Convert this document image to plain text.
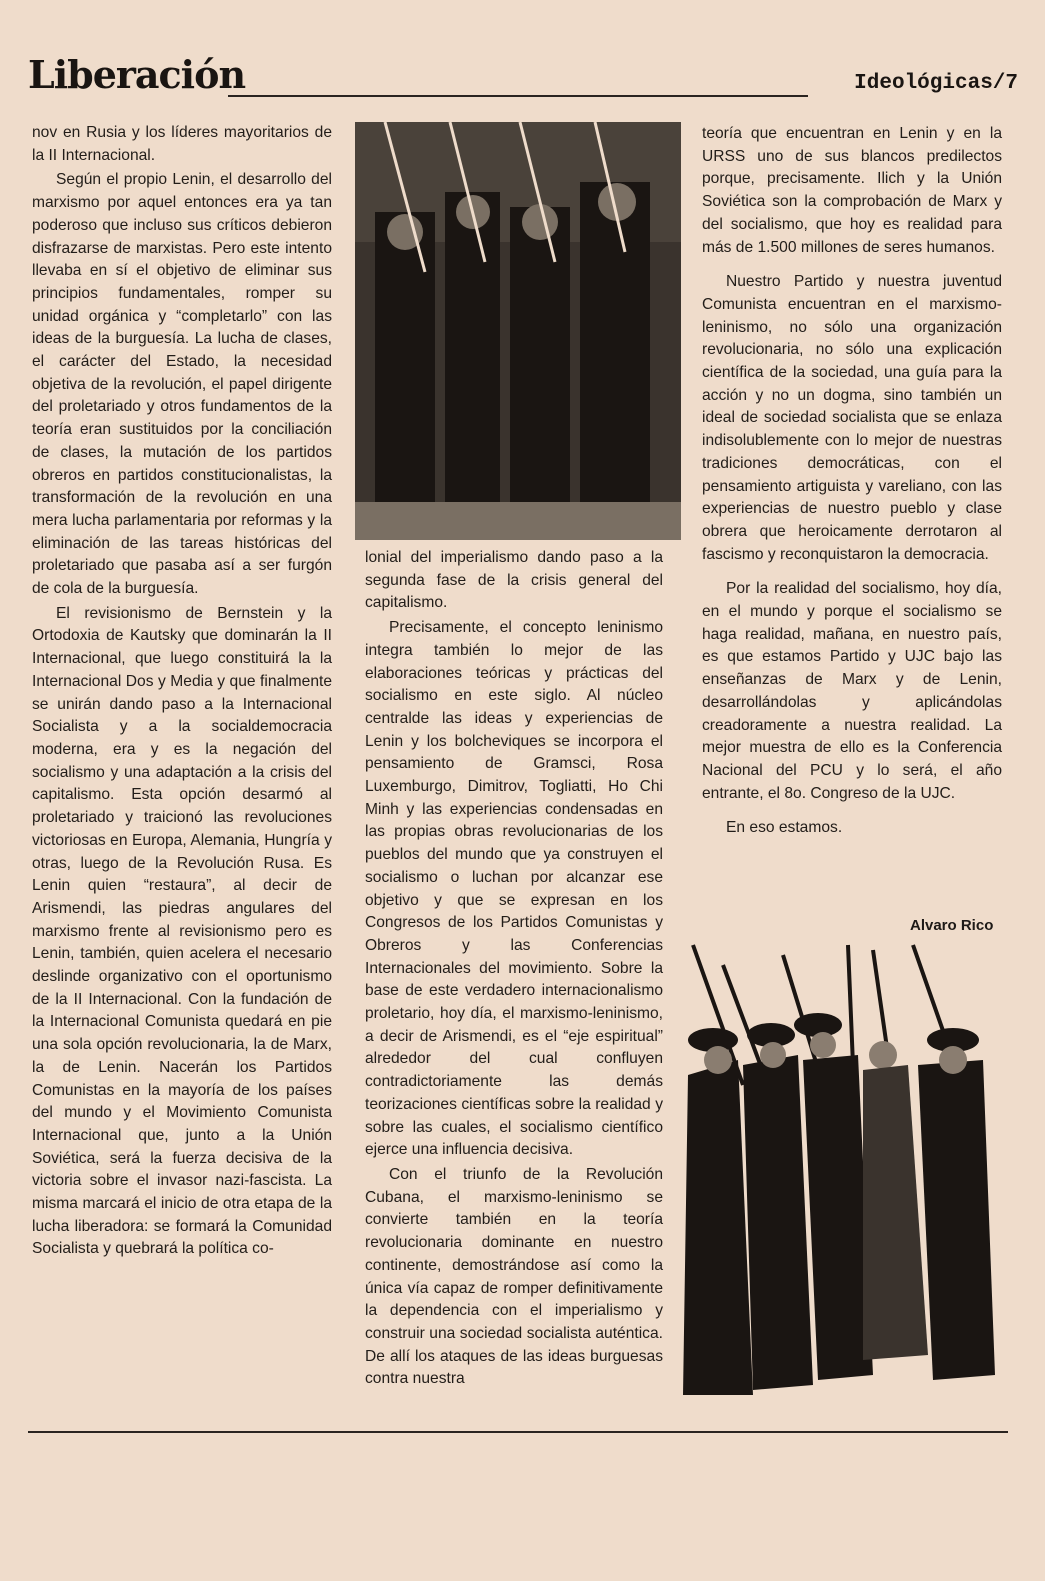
Liberación	Ideológicas/7

nov en Rusia y los líderes mayoritarios de la II Internacional.

Según el propio Lenin, el desarrollo del marxismo por aquel entonces era ya tan poderoso que incluso sus críticos debieron disfrazarse de marxistas. Pero este intento llevaba en sí el objetivo de eliminar sus principios fundamentales, romper su unidad orgánica y “completarlo” con las ideas de la burguesía. La lucha de clases, el carácter del Estado, la necesidad objetiva de la revolución, el papel dirigente del proletariado y otros fundamentos de la teoría eran sustituidos por la conciliación de clases, la mutación de los partidos obreros en partidos constitucionalistas, la transformación de la revolución en una mera lucha parlamentaria por reformas y la eliminación de las tareas históricas del proletariado que pasaba así a ser furgón de cola de la burguesía.

El revisionismo de Bernstein y la Ortodoxia de Kautsky que dominarán la II Internacional, que luego constituirá la la Internacional Dos y Media y que finalmente se unirán dando paso a la Internacional Socialista y a la socialdemocracia moderna, era y es la negación del socialismo y una adaptación a la crisis del capitalismo. Esta opción desarmó al proletariado y traicionó las revoluciones victoriosas en Europa, Alemania, Hungría y otras, luego de la Revolución Rusa. Es Lenin quien “restaura”, al decir de Arismendi, las piedras angulares del marxismo frente al revisionismo pero es Lenin, también, quien acelera el necesario deslinde organizativo con el oportunismo de la II Internacional. Con la fundación de la Internacional Comunista quedará en pie una sola opción revolucionaria, la de Marx, la de Lenin. Nacerán los Partidos Comunistas en la mayoría de los países del mundo y el Movimiento Comunista Internacional que, junto a la Unión Soviética, será la fuerza decisiva de la victoria sobre el invasor nazi-fascista. La misma marcará el inicio de otra etapa de la lucha liberadora: se formará la Comunidad Socialista y quebrará la política co-

lonial del imperialismo dando paso a la segunda fase de la crisis general del capitalismo.

Precisamente, el concepto leninismo integra también lo mejor de las elaboraciones teóricas y prácticas del socialismo en este siglo. Al núcleo centralde las ideas y experiencias de Lenin y los bolcheviques se incorpora el pensamiento de Gramsci, Rosa Luxemburgo, Dimitrov, Togliatti, Ho Chi Minh y las experiencias condensadas en las propias obras revolucionarias de los pueblos del mundo que ya construyen el socialismo o luchan por alcanzar ese objetivo y que se expresan en los Congresos de los Partidos Comunistas y Obreros y las Conferencias Internacionales del movimiento. Sobre la base de este verdadero internacionalismo proletario, hoy día, el marxismo-leninismo, a decir de Arismendi, es el “eje espiritual” alrededor del cual confluyen contradictoriamente las demás teorizaciones científicas sobre la realidad y sobre las cuales, el socialismo científico ejerce una influencia decisiva.

Con el triunfo de la Revolución Cubana, el marxismo-leninismo se convierte también en la teoría revolucionaria dominante en nuestro continente, demostrándose así como la única vía capaz de romper definitivamente la dependencia con el imperialismo y construir una sociedad socialista auténtica. De allí los ataques de las ideas burguesas contra nuestra

teoría que encuentran en Lenin y en la URSS uno de sus blancos predilectos porque, precisamente. Ilich y la Unión Soviética son la comprobación de Marx y del socialismo, que hoy es realidad para más de 1.500 millones de seres humanos.

Nuestro Partido y nuestra juventud Comunista encuentran en el marxismo-leninismo, no sólo una organización revolucionaria, no sólo una explicación científica de la sociedad, una guía para la acción y no un dogma, sino también un ideal de sociedad socialista que se enlaza indisolublemente con lo mejor de nuestras tradiciones democráticas, con el pensamiento artiguista y vareliano, con las experiencias de nuestro pueblo y clase obrera que heroicamente derrotaron al fascismo y reconquistaron la democracia.

Por la realidad del socialismo, hoy día, en el mundo y porque el socialismo se haga realidad, mañana, en nuestro país, es que estamos Partido y UJC bajo las enseñanzas de Marx y de Lenin, desarrollándolas y aplicándolas creadoramente a nuestra realidad. La mejor muestra de ello es la Conferencia Nacional del PCU y lo será, el año entrante, el 8o. Congreso de la UJC.

En eso estamos.

Alvaro Rico
